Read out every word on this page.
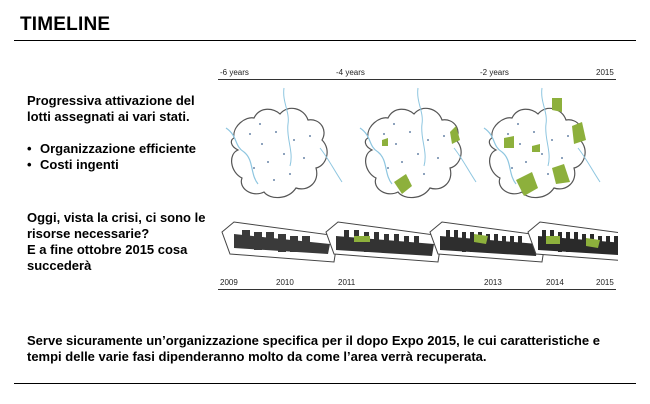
TIMELINE
Progressiva attivazione del lotti assegnati ai vari stati.
• Organizzazione efficiente
• Costi ingenti

Oggi, vista la crisi, ci sono le risorse necessarie?

E a fine ottobre 2015 cosa succederà

-6 years	-4 years	-2 years	2015
2009	2010	2011	2013	2014	2015
Serve sicuramente un’organizzazione specifica per il dopo Expo 2015, le cui caratteristiche e tempi delle varie fasi dipenderanno molto da come l’area verrà recuperata.
